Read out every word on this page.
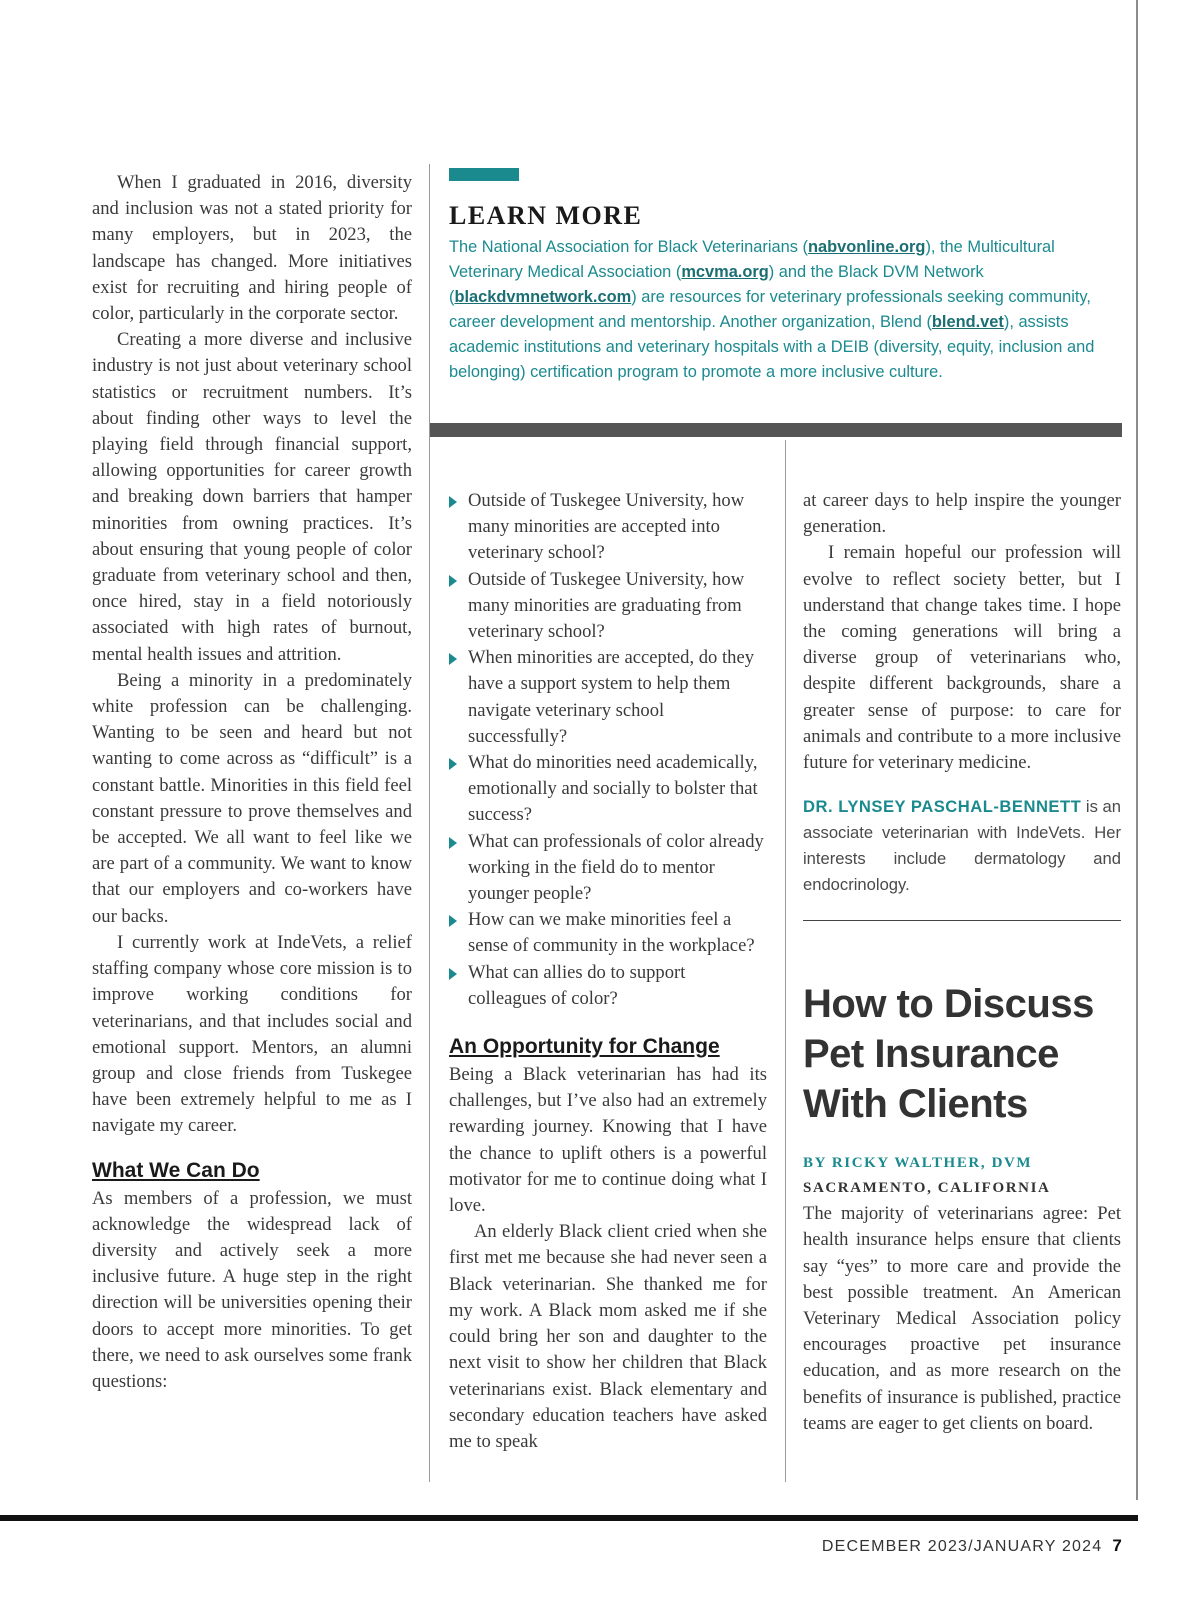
When I graduated in 2016, diversity and inclusion was not a stated priority for many employers, but in 2023, the landscape has changed. More initiatives exist for recruiting and hiring people of color, particularly in the corporate sector.

Creating a more diverse and inclusive industry is not just about veterinary school statistics or recruitment numbers. It’s about finding other ways to level the playing field through financial support, allowing opportunities for career growth and breaking down barriers that hamper minorities from owning practices. It’s about ensuring that young people of color graduate from veterinary school and then, once hired, stay in a field notoriously associated with high rates of burnout, mental health issues and attrition.

Being a minority in a predominately white profession can be challenging. Wanting to be seen and heard but not wanting to come across as “difficult” is a constant battle. Minorities in this field feel constant pressure to prove themselves and be accepted. We all want to feel like we are part of a community. We want to know that our employers and co-workers have our backs.

I currently work at IndeVets, a relief staffing company whose core mission is to improve working conditions for veterinarians, and that includes social and emotional support. Mentors, an alumni group and close friends from Tuskegee have been extremely helpful to me as I navigate my career.

What We Can Do

As members of a profession, we must acknowledge the widespread lack of diversity and actively seek a more inclusive future. A huge step in the right direction will be universities opening their doors to accept more minorities. To get there, we need to ask ourselves some frank questions:

LEARN MORE
The National Association for Black Veterinarians (nabvonline.org), the Multicultural Veterinary Medical Association (mcvma.org) and the Black DVM Network (blackdvmnetwork.com) are resources for veterinary professionals seeking community, career development and mentorship. Another organization, Blend (blend.vet), assists academic institutions and veterinary hospitals with a DEIB (diversity, equity, inclusion and belonging) certification program to promote a more inclusive culture.
Outside of Tuskegee University, how many minorities are accepted into veterinary school?
Outside of Tuskegee University, how many minorities are graduating from veterinary school?
When minorities are accepted, do they have a support system to help them navigate veterinary school successfully?
What do minorities need academically, emotionally and socially to bolster that success?
What can professionals of color already working in the field do to mentor younger people?
How can we make minorities feel a sense of community in the workplace?
What can allies do to support colleagues of color?
An Opportunity for Change

Being a Black veterinarian has had its challenges, but I’ve also had an extremely rewarding journey. Knowing that I have the chance to uplift others is a powerful motivator for me to continue doing what I love.

An elderly Black client cried when she first met me because she had never seen a Black veterinarian. She thanked me for my work. A Black mom asked me if she could bring her son and daughter to the next visit to show her children that Black veterinarians exist. Black elementary and secondary education teachers have asked me to speak

at career days to help inspire the younger generation.

I remain hopeful our profession will evolve to reflect society better, but I understand that change takes time. I hope the coming generations will bring a diverse group of veterinarians who, despite different backgrounds, share a greater sense of purpose: to care for animals and contribute to a more inclusive future for veterinary medicine.

DR. LYNSEY PASCHAL-BENNETT is an associate veterinarian with IndeVets. Her interests include dermatology and endocrinology.
How to Discuss Pet Insurance With Clients
BY RICKY WALTHER, DVM
SACRAMENTO, CALIFORNIA

The majority of veterinarians agree: Pet health insurance helps ensure that clients say “yes” to more care and provide the best possible treatment. An American Veterinary Medical Association policy encourages proactive pet insurance education, and as more research on the benefits of insurance is published, practice teams are eager to get clients on board.

DECEMBER 2023/JANUARY 2024 7
